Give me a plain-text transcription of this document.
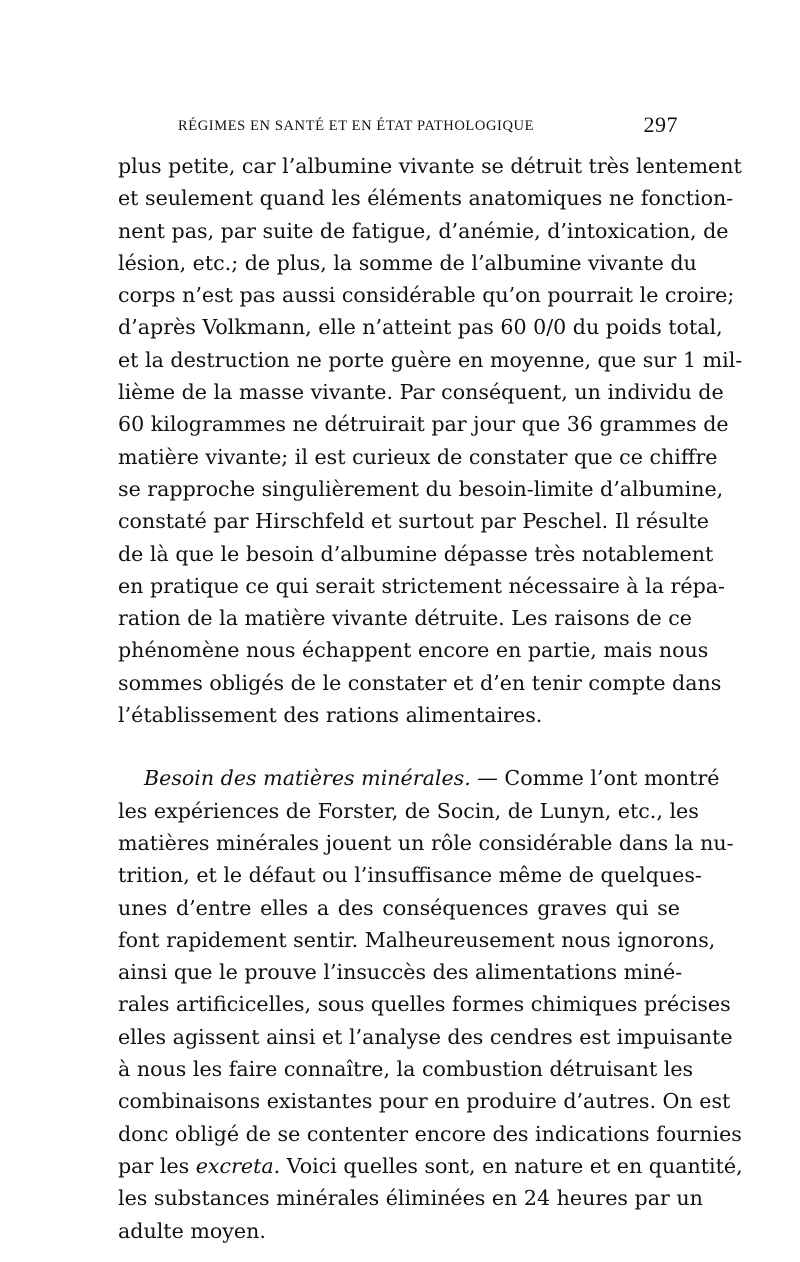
RÉGIMES EN SANTÉ ET EN ÉTAT PATHOLOGIQUE	297
plus petite, car l’albumine vivante se détruit très lentement
et seulement quand les éléments anatomiques ne fonction-
nent pas, par suite de fatigue, d’anémie, d’intoxication, de
lésion, etc.; de plus, la somme de l’albumine vivante du
corps n’est pas aussi considérable qu’on pourrait le croire;
d’après Volkmann, elle n’atteint pas 60 0/0 du poids total,
et la destruction ne porte guère en moyenne, que sur 1 mil-
lième de la masse vivante. Par conséquent, un individu de
60 kilogrammes ne détruirait par jour que 36 grammes de
matière vivante; il est curieux de constater que ce chiffre
se rapproche singulièrement du besoin-limite d’albumine,
constaté par Hirschfeld et surtout par Peschel. Il résulte
de là que le besoin d’albumine dépasse très notablement
en pratique ce qui serait strictement nécessaire à la répa-
ration de la matière vivante détruite. Les raisons de ce
phénomène nous échappent encore en partie, mais nous
sommes obligés de le constater et d’en tenir compte dans
l’établissement des rations alimentaires.
Besoin des matières minérales. — Comme l’ont montré
les expériences de Forster, de Socin, de Lunyn, etc., les
matières minérales jouent un rôle considérable dans la nu-
trition, et le défaut ou l’insuffisance même de quelques-
unes d’entre elles a des conséquences graves qui se
font rapidement sentir. Malheureusement nous ignorons,
ainsi que le prouve l’insuccès des alimentations miné-
rales artificicelles, sous quelles formes chimiques précises
elles agissent ainsi et l’analyse des cendres est impuisante
à nous les faire connaître, la combustion détruisant les
combinaisons existantes pour en produire d’autres. On est
donc obligé de se contenter encore des indications fournies
par les excreta. Voici quelles sont, en nature et en quantité,
les substances minérales éliminées en 24 heures par un
adulte moyen.
